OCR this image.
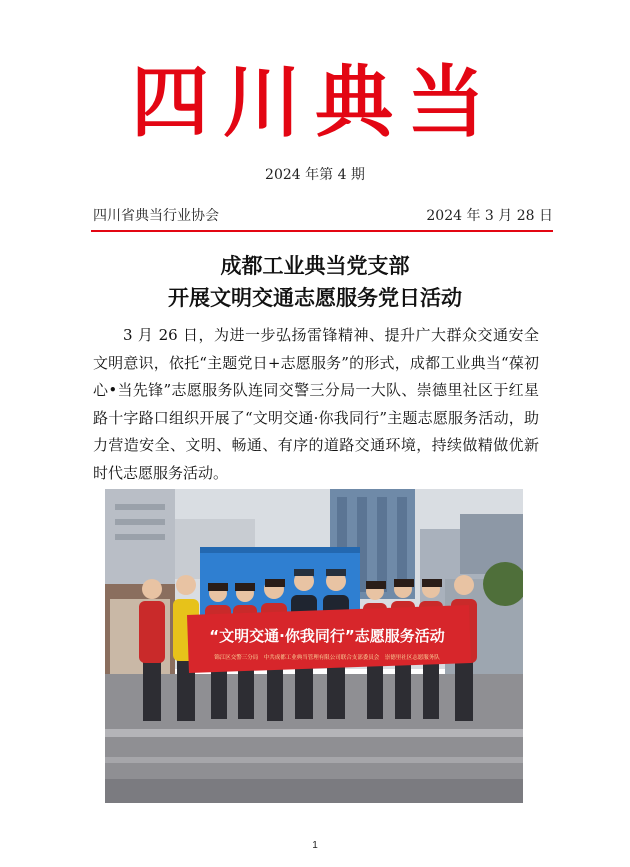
四川典当
2024 年第 4 期
四川省典当行业协会	2024 年 3 月 28 日
成都工业典当党支部
开展文明交通志愿服务党日活动
3 月 26 日，为进一步弘扬雷锋精神、提升广大群众交通安全文明意识，依托“主题党日+志愿服务”的形式，成都工业典当“葆初心•当先锋”志愿服务队连同交警三分局一大队、崇德里社区于红星路十字路口组织开展了“文明交通·你我同行”主题志愿服务活动，助力营造安全、文明、畅通、有序的道路交通环境，持续做精做优新时代志愿服务活动。
“文明交通·你我同行”志愿服务活动
锦江区交警三分局　中共成都工业典当管理有限公司联合支部委员会　崇德里社区志愿服务队
1
